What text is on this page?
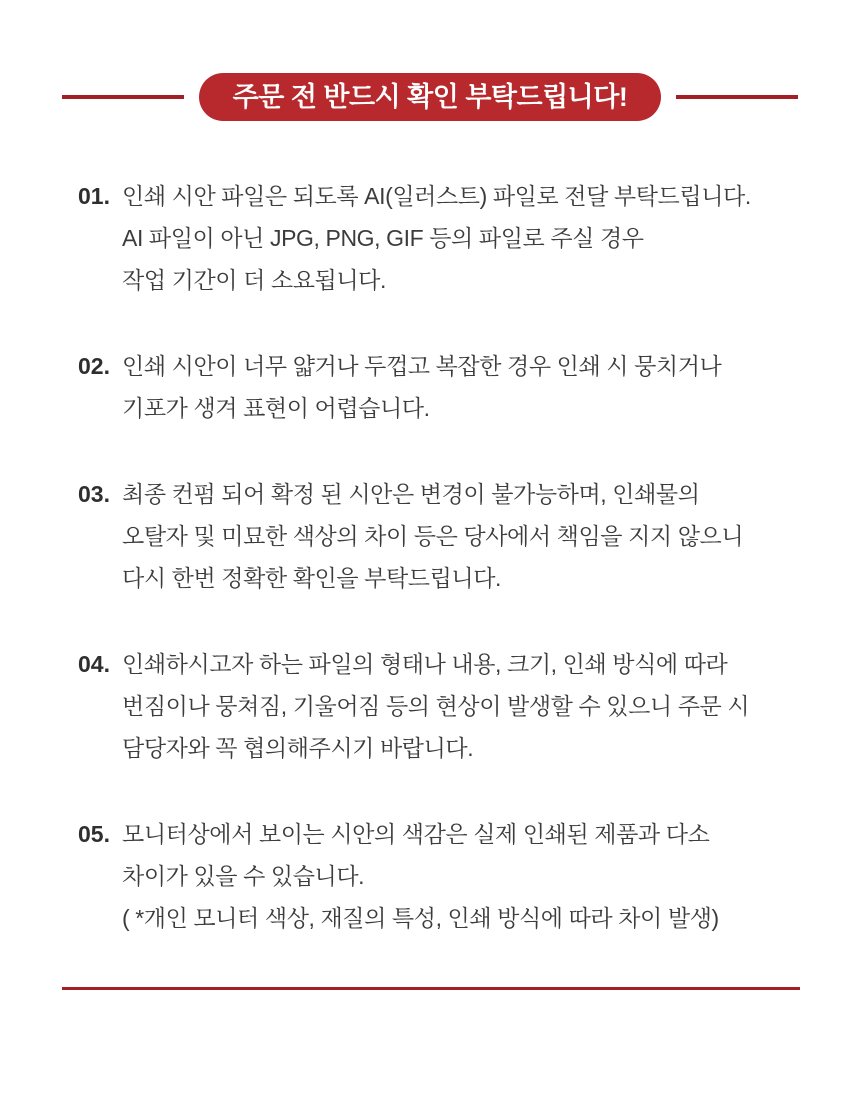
주문 전 반드시 확인 부탁드립니다!
01. 인쇄 시안 파일은 되도록 AI(일러스트) 파일로 전달 부탁드립니다.
AI 파일이 아닌 JPG, PNG, GIF 등의 파일로 주실 경우
작업 기간이 더 소요됩니다.
02. 인쇄 시안이 너무 얇거나 두껍고 복잡한 경우 인쇄 시 뭉치거나
기포가 생겨 표현이 어렵습니다.
03. 최종 컨펌 되어 확정 된 시안은 변경이 불가능하며, 인쇄물의
오탈자 및 미묘한 색상의 차이 등은 당사에서 책임을 지지 않으니
다시 한번 정확한 확인을 부탁드립니다.
04. 인쇄하시고자 하는 파일의 형태나 내용, 크기, 인쇄 방식에 따라
번짐이나 뭉쳐짐, 기울어짐 등의 현상이 발생할 수 있으니 주문 시
담당자와 꼭 협의해주시기 바랍니다.
05. 모니터상에서 보이는 시안의 색감은 실제 인쇄된 제품과 다소
차이가 있을 수 있습니다.
( *개인 모니터 색상, 재질의 특성, 인쇄 방식에 따라 차이 발생)
